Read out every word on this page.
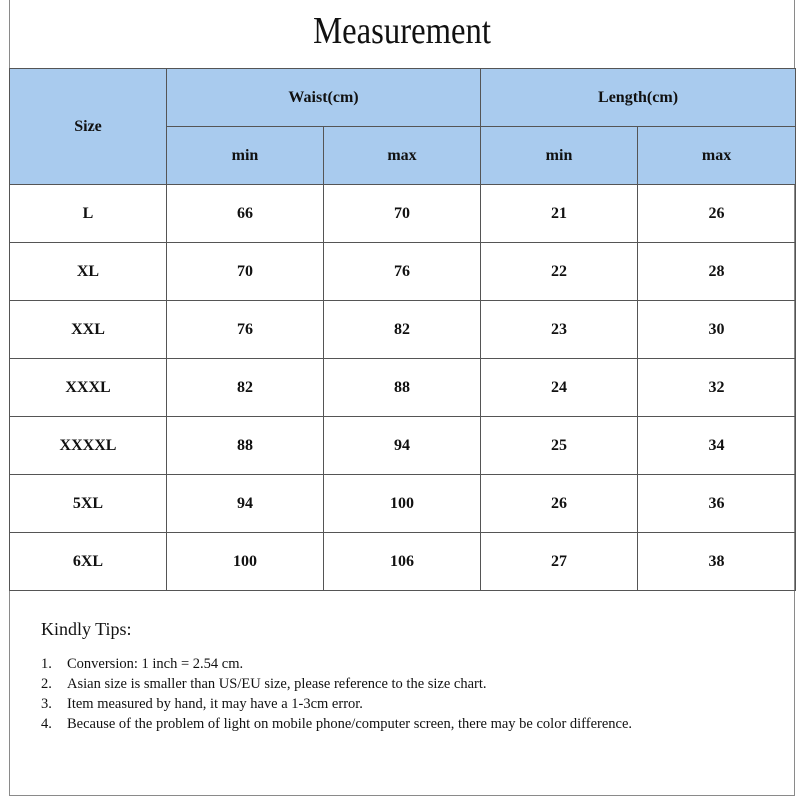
Measurement
Size	Waist(cm)		Length(cm)	
	min	max	min	max
L	66	70	21	26
XL	70	76	22	28
XXL	76	82	23	30
XXXL	82	88	24	32
XXXXL	88	94	25	34
5XL	94	100	26	36
6XL	100	106	27	38
Kindly Tips:
1.	Conversion: 1 inch = 2.54 cm.
2.	Asian size is smaller than US/EU size, please reference to the size chart.
3.	Item measured by hand, it may have a 1-3cm error.
4.	Because of the problem of light on mobile phone/computer screen, there may be color difference.
